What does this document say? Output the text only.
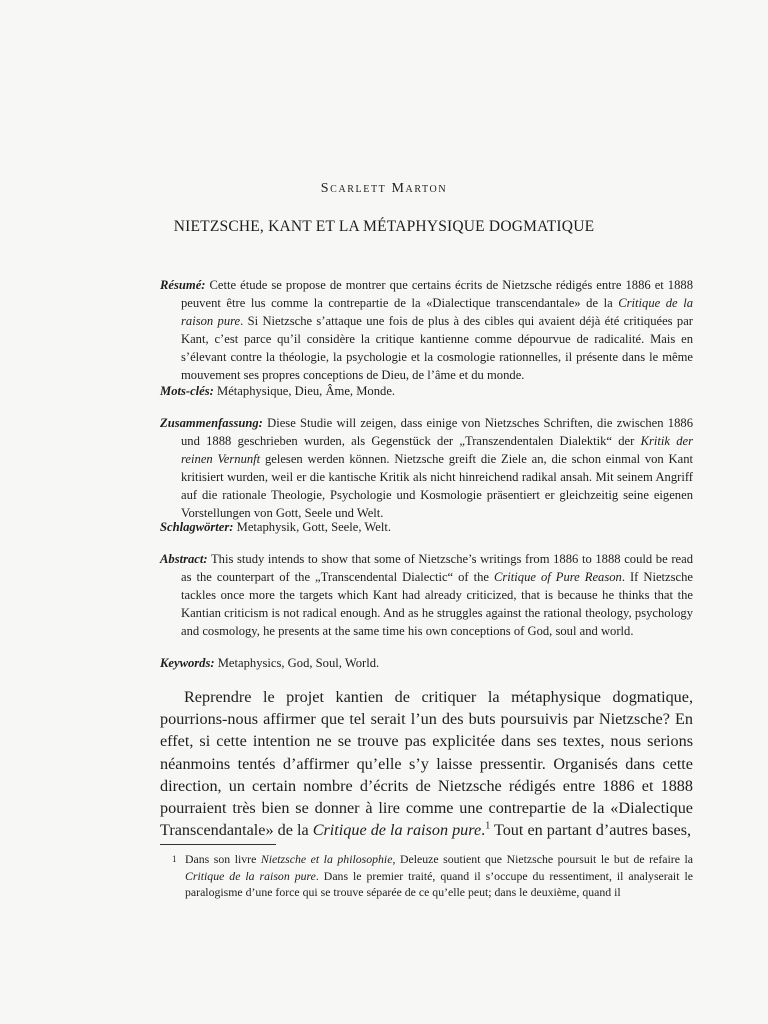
Scarlett Marton
NIETZSCHE, KANT ET LA MÉTAPHYSIQUE DOGMATIQUE

Résumé: Cette étude se propose de montrer que certains écrits de Nietzsche rédigés entre 1886 et 1888 peuvent être lus comme la contrepartie de la «Dialectique transcendantale» de la Critique de la raison pure. Si Nietzsche s’attaque une fois de plus à des cibles qui avaient déjà été critiquées par Kant, c’est parce qu’il considère la critique kantienne comme dépourvue de radicalité. Mais en s’élevant contre la théologie, la psychologie et la cosmologie rationnelles, il présente dans le même mouvement ses propres conceptions de Dieu, de l’âme et du monde.

Mots-clés: Métaphysique, Dieu, Âme, Monde.

Zusammenfassung: Diese Studie will zeigen, dass einige von Nietzsches Schriften, die zwischen 1886 und 1888 geschrieben wurden, als Gegenstück der „Transzendentalen Dialektik“ der Kritik der reinen Vernunft gelesen werden können. Nietzsche greift die Ziele an, die schon einmal von Kant kritisiert wurden, weil er die kantische Kritik als nicht hinreichend radikal ansah. Mit seinem Angriff auf die rationale Theologie, Psychologie und Kosmologie präsentiert er gleichzeitig seine eigenen Vorstellungen von Gott, Seele und Welt.

Schlagwörter: Metaphysik, Gott, Seele, Welt.

Abstract: This study intends to show that some of Nietzsche’s writings from 1886 to 1888 could be read as the counterpart of the „Transcendental Dialectic“ of the Critique of Pure Reason. If Nietzsche tackles once more the targets which Kant had already criticized, that is because he thinks that the Kantian criticism is not radical enough. And as he struggles against the rational theology, psychology and cosmology, he presents at the same time his own conceptions of God, soul and world.

Keywords: Metaphysics, God, Soul, World.

Reprendre le projet kantien de critiquer la métaphysique dogmatique, pourrions-nous affirmer que tel serait l’un des buts poursuivis par Nietzsche? En effet, si cette intention ne se trouve pas explicitée dans ses textes, nous serions néanmoins tentés d’affirmer qu’elle s’y laisse pressentir. Organisés dans cette direction, un certain nombre d’écrits de Nietzsche rédigés entre 1886 et 1888 pourraient très bien se donner à lire comme une contrepartie de la «Dialectique Transcendantale» de la Critique de la raison pure.$^1$ Tout en partant d’autres bases,

1 Dans son livre Nietzsche et la philosophie, Deleuze soutient que Nietzsche poursuit le but de refaire la Critique de la raison pure. Dans le premier traité, quand il s’occupe du ressentiment, il analyserait le paralogisme d’une force qui se trouve séparée de ce qu’elle peut; dans le deuxième, quand il
